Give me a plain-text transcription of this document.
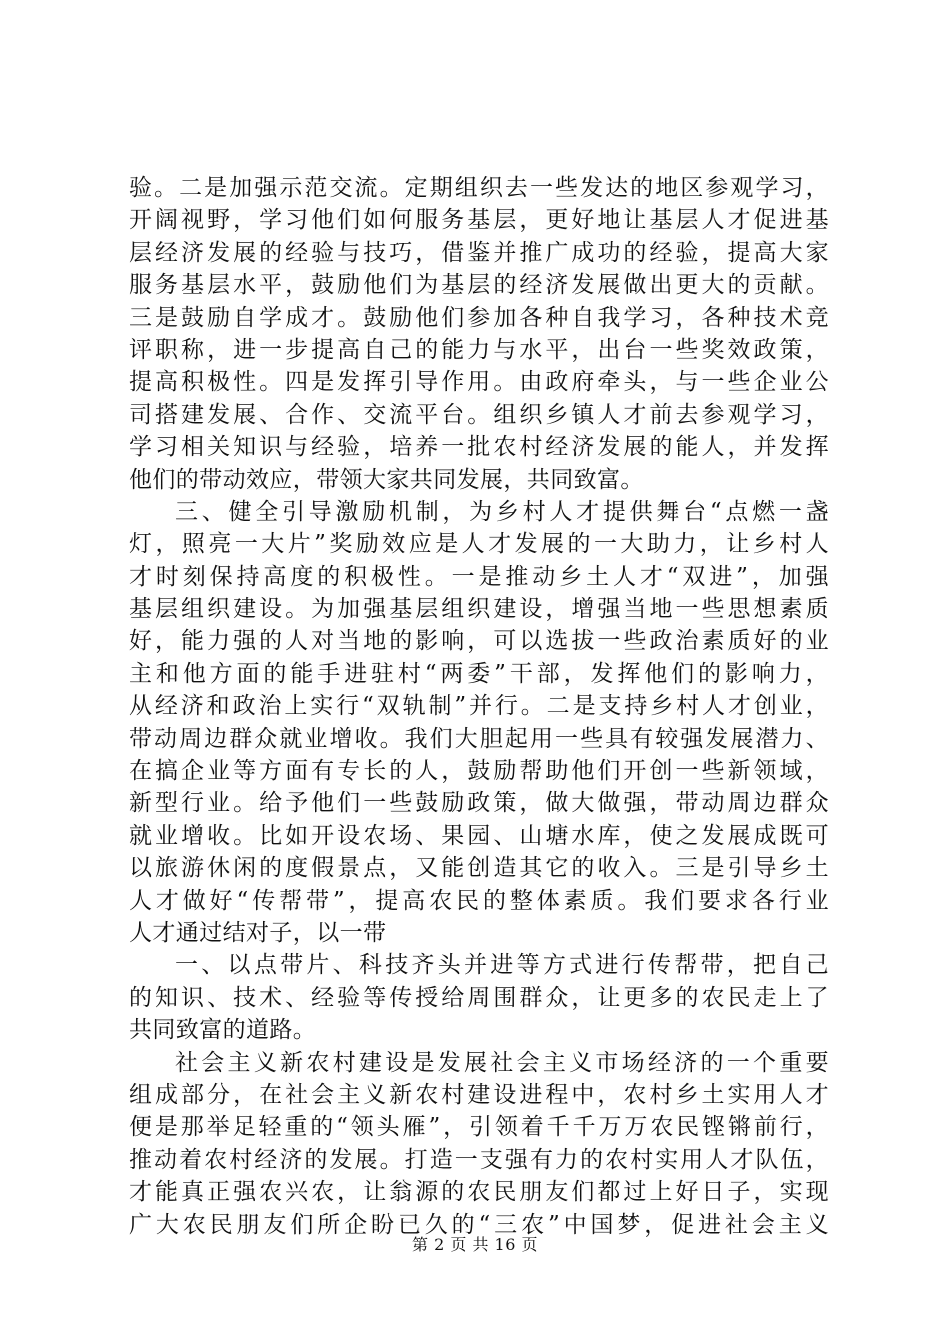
验。二是加强示范交流。定期组织去一些发达的地区参观学习，
开阔视野，学习他们如何服务基层，更好地让基层人才促进基
层经济发展的经验与技巧，借鉴并推广成功的经验，提高大家
服务基层水平，鼓励他们为基层的经济发展做出更大的贡献。
三是鼓励自学成才。鼓励他们参加各种自我学习，各种技术竞
评职称，进一步提高自己的能力与水平，出台一些奖效政策，
提高积极性。四是发挥引导作用。由政府牵头，与一些企业公
司搭建发展、合作、交流平台。组织乡镇人才前去参观学习，
学习相关知识与经验，培养一批农村经济发展的能人，并发挥
他们的带动效应，带领大家共同发展，共同致富。
三、健全引导激励机制，为乡村人才提供舞台“点燃一盏
灯，照亮一大片”奖励效应是人才发展的一大助力，让乡村人
才时刻保持高度的积极性。一是推动乡土人才“双进”，加强
基层组织建设。为加强基层组织建设，增强当地一些思想素质
好，能力强的人对当地的影响，可以选拔一些政治素质好的业
主和他方面的能手进驻村“两委”干部，发挥他们的影响力，
从经济和政治上实行“双轨制”并行。二是支持乡村人才创业，
带动周边群众就业增收。我们大胆起用一些具有较强发展潜力、
在搞企业等方面有专长的人，鼓励帮助他们开创一些新领域，
新型行业。给予他们一些鼓励政策，做大做强，带动周边群众
就业增收。比如开设农场、果园、山塘水库，使之发展成既可
以旅游休闲的度假景点，又能创造其它的收入。三是引导乡土
人才做好“传帮带”，提高农民的整体素质。我们要求各行业
人才通过结对子，以一带
一、以点带片、科技齐头并进等方式进行传帮带，把自己
的知识、技术、经验等传授给周围群众，让更多的农民走上了
共同致富的道路。
社会主义新农村建设是发展社会主义市场经济的一个重要
组成部分，在社会主义新农村建设进程中，农村乡土实用人才
便是那举足轻重的“领头雁”，引领着千千万万农民铿锵前行，
推动着农村经济的发展。打造一支强有力的农村实用人才队伍，
才能真正强农兴农，让翁源的农民朋友们都过上好日子，实现
广大农民朋友们所企盼已久的“三农”中国梦，促进社会主义
第 2 页 共 16 页
